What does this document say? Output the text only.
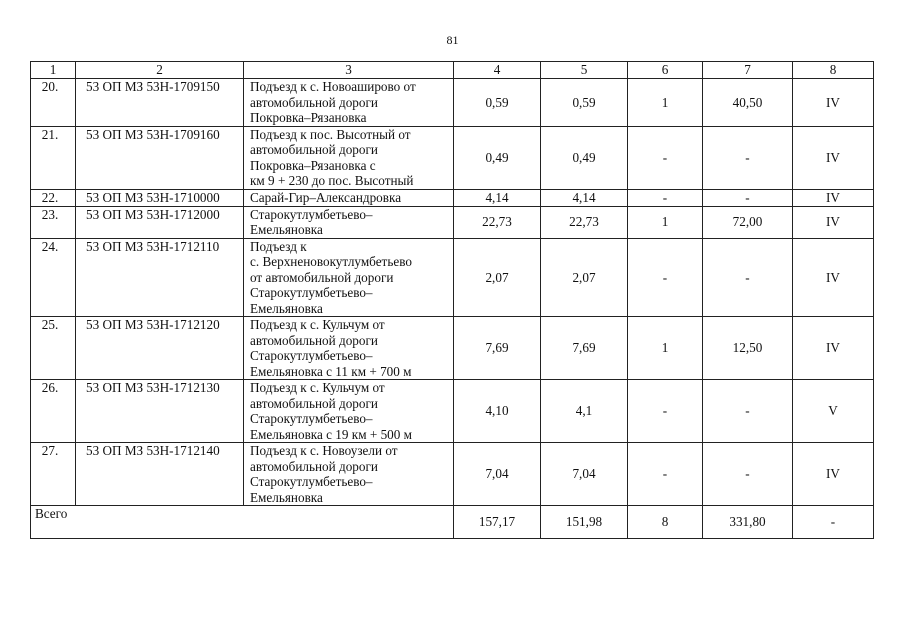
81
1	2	3	4	5	6	7	8
20.	53 ОП МЗ 53Н-1709150	Подъезд к с. Новоаширово от
автомобильной дороги
Покровка–Рязановка	0,59	0,59	1	40,50	IV
21.	53 ОП МЗ 53Н-1709160	Подъезд к пос. Высотный от
автомобильной дороги
Покровка–Рязановка с
км 9 + 230 до пос. Высотный	0,49	0,49	-	-	IV
22.	53 ОП МЗ 53Н-1710000	Сарай-Гир–Александровка	4,14	4,14	-	-	IV
23.	53 ОП МЗ 53Н-1712000	Старокутлумбетьево–
Емельяновка	22,73	22,73	1	72,00	IV
24.	53 ОП МЗ 53Н-1712110	Подъезд к
с. Верхненовокутлумбетьево
от автомобильной дороги
Старокутлумбетьево–
Емельяновка	2,07	2,07	-	-	IV
25.	53 ОП МЗ 53Н-1712120	Подъезд к с. Кульчум от
автомобильной дороги
Старокутлумбетьево–
Емельяновка с 11 км + 700 м	7,69	7,69	1	12,50	IV
26.	53 ОП МЗ 53Н-1712130	Подъезд к с. Кульчум от
автомобильной дороги
Старокутлумбетьево–
Емельяновка с 19 км + 500 м	4,10	4,1	-	-	V
27.	53 ОП МЗ 53Н-1712140	Подъезд к с. Новоузели от
автомобильной дороги
Старокутлумбетьево–
Емельяновка	7,04	7,04	-	-	IV
Всего			157,17	151,98	8	331,80	-
